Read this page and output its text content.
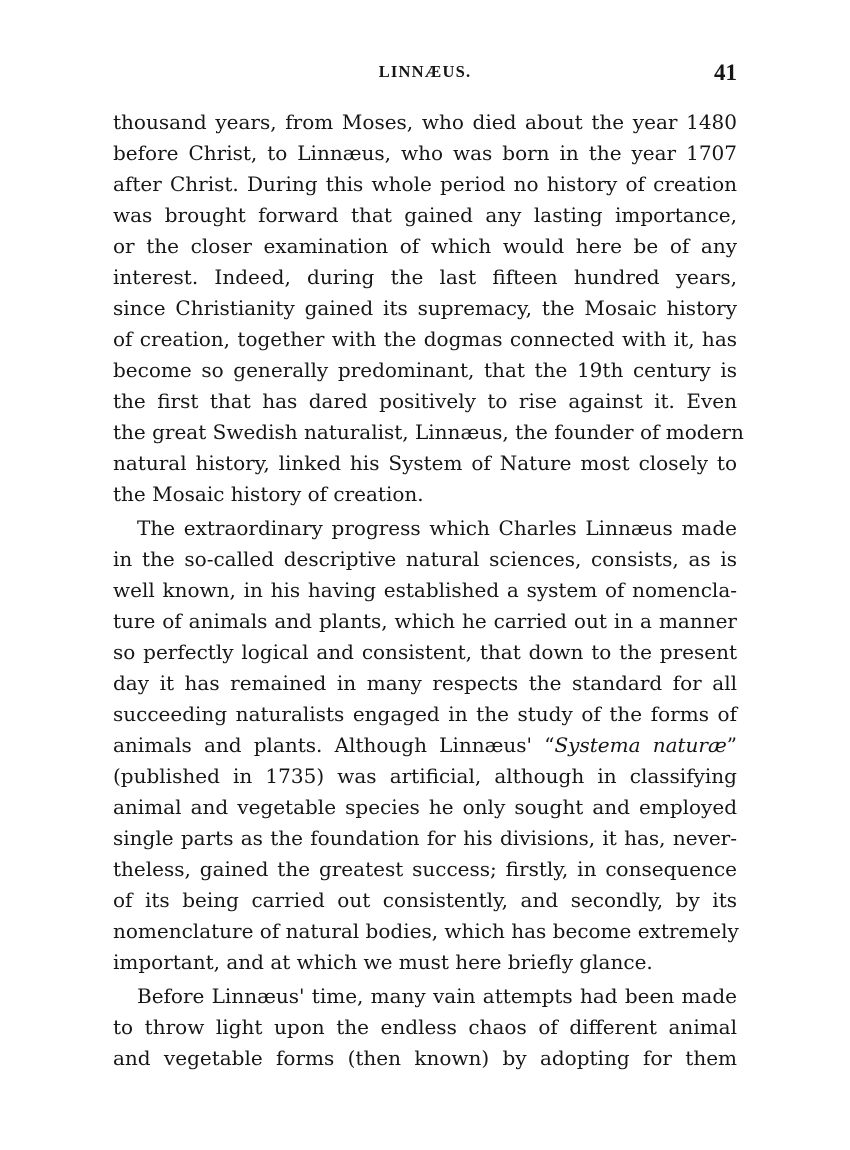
LINNÆUS.	41

thousand years, from Moses, who died about the year 1480
before Christ, to Linnæus, who was born in the year 1707
after Christ. During this whole period no history of creation
was brought forward that gained any lasting importance,
or the closer examination of which would here be of any
interest. Indeed, during the last fifteen hundred years,
since Christianity gained its supremacy, the Mosaic history
of creation, together with the dogmas connected with it, has
become so generally predominant, that the 19th century is
the first that has dared positively to rise against it. Even
the great Swedish naturalist, Linnæus, the founder of modern
natural history, linked his System of Nature most closely to
the Mosaic history of creation.

The extraordinary progress which Charles Linnæus made
in the so-called descriptive natural sciences, consists, as is
well known, in his having established a system of nomencla-
ture of animals and plants, which he carried out in a manner
so perfectly logical and consistent, that down to the present
day it has remained in many respects the standard for all
succeeding naturalists engaged in the study of the forms of
animals and plants. Although Linnæus' “Systema naturæ”
(published in 1735) was artificial, although in classifying
animal and vegetable species he only sought and employed
single parts as the foundation for his divisions, it has, never-
theless, gained the greatest success; firstly, in consequence
of its being carried out consistently, and secondly, by its
nomenclature of natural bodies, which has become extremely
important, and at which we must here briefly glance.

Before Linnæus' time, many vain attempts had been made
to throw light upon the endless chaos of different animal
and vegetable forms (then known) by adopting for them
